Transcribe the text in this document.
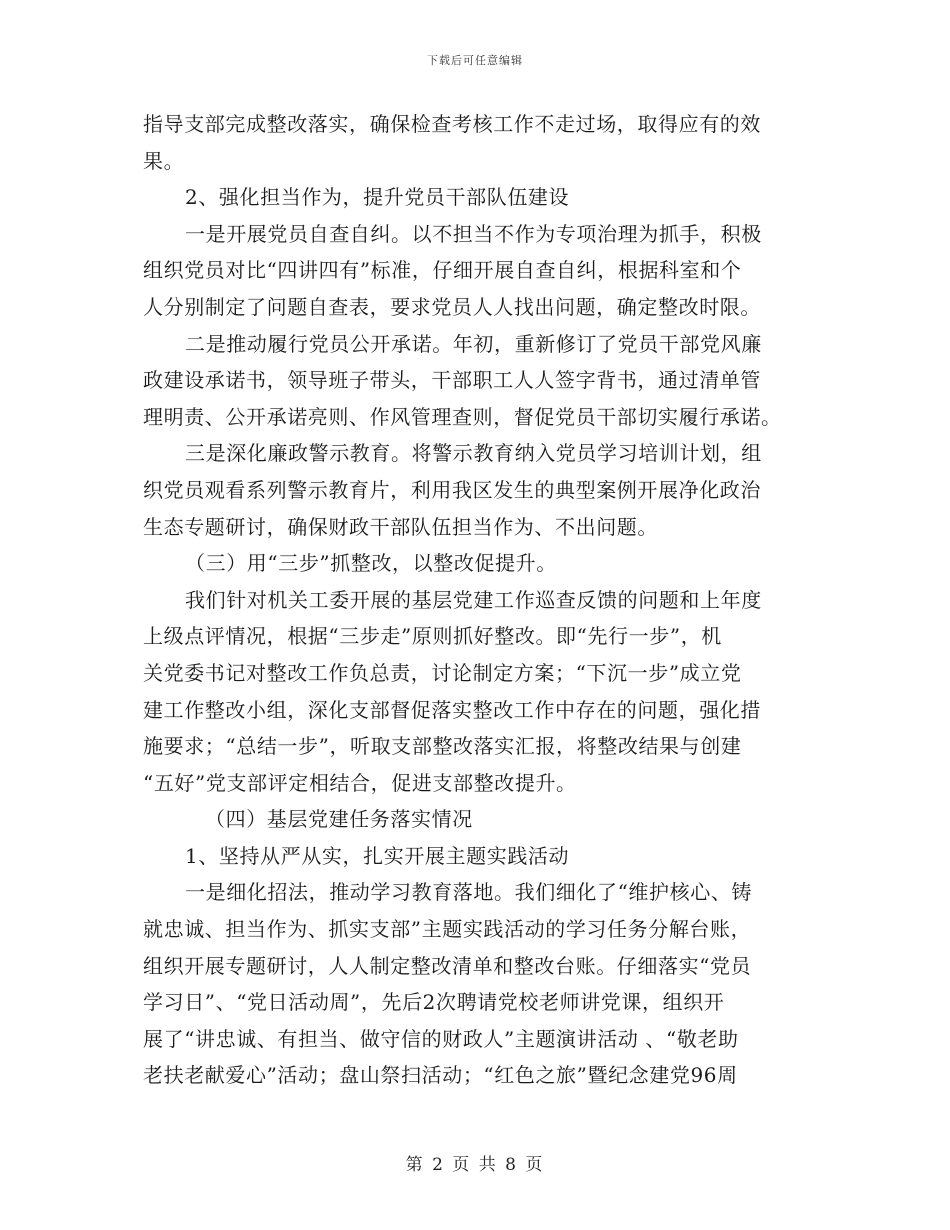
下载后可任意编辑
指导支部完成整改落实，确保检查考核工作不走过场，取得应有的效
果。
2、强化担当作为，提升党员干部队伍建设
一是开展党员自查自纠。以不担当不作为专项治理为抓手，积极
组织党员对比“四讲四有”标准，仔细开展自查自纠，根据科室和个
人分别制定了问题自查表，要求党员人人找出问题，确定整改时限。
二是推动履行党员公开承诺。年初，重新修订了党员干部党风廉
政建设承诺书，领导班子带头，干部职工人人签字背书，通过清单管
理明责、公开承诺亮则、作风管理查则，督促党员干部切实履行承诺。
三是深化廉政警示教育。将警示教育纳入党员学习培训计划，组
织党员观看系列警示教育片，利用我区发生的典型案例开展净化政治
生态专题研讨，确保财政干部队伍担当作为、不出问题。
（三）用“三步”抓整改，以整改促提升。
我们针对机关工委开展的基层党建工作巡查反馈的问题和上年度
上级点评情况，根据“三步走”原则抓好整改。即“先行一步”，机
关党委书记对整改工作负总责，讨论制定方案；“下沉一步”成立党
建工作整改小组，深化支部督促落实整改工作中存在的问题，强化措
施要求；“总结一步”，听取支部整改落实汇报，将整改结果与创建
“五好”党支部评定相结合，促进支部整改提升。
（四）基层党建任务落实情况
1、坚持从严从实，扎实开展主题实践活动
一是细化招法，推动学习教育落地。我们细化了“维护核心、铸
就忠诚、担当作为、抓实支部”主题实践活动的学习任务分解台账，
组织开展专题研讨，人人制定整改清单和整改台账。仔细落实“党员
学习日”、“党日活动周”，先后2次聘请党校老师讲党课，组织开
展了“讲忠诚、有担当、做守信的财政人”主题演讲活动 、“敬老助
老扶老献爱心”活动；盘山祭扫活动；“红色之旅”暨纪念建党96周
第 2 页 共 8 页
